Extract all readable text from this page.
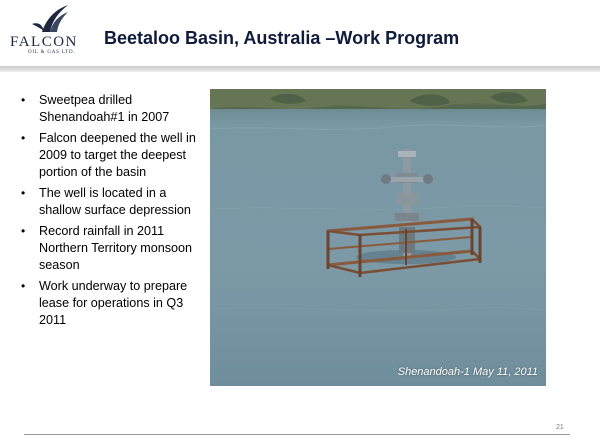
FALCON
OIL & GAS LTD.
Beetaloo Basin, Australia –Work Program
• Sweetpea drilled Shenandoah#1 in 2007
• Falcon deepened the well in 2009 to target the deepest portion of the basin
• The well is located in a shallow surface depression
• Record rainfall in 2011 Northern Territory monsoon season
• Work underway to prepare lease for operations in Q3 2011
Shenandoah-1 May 11, 2011
21
